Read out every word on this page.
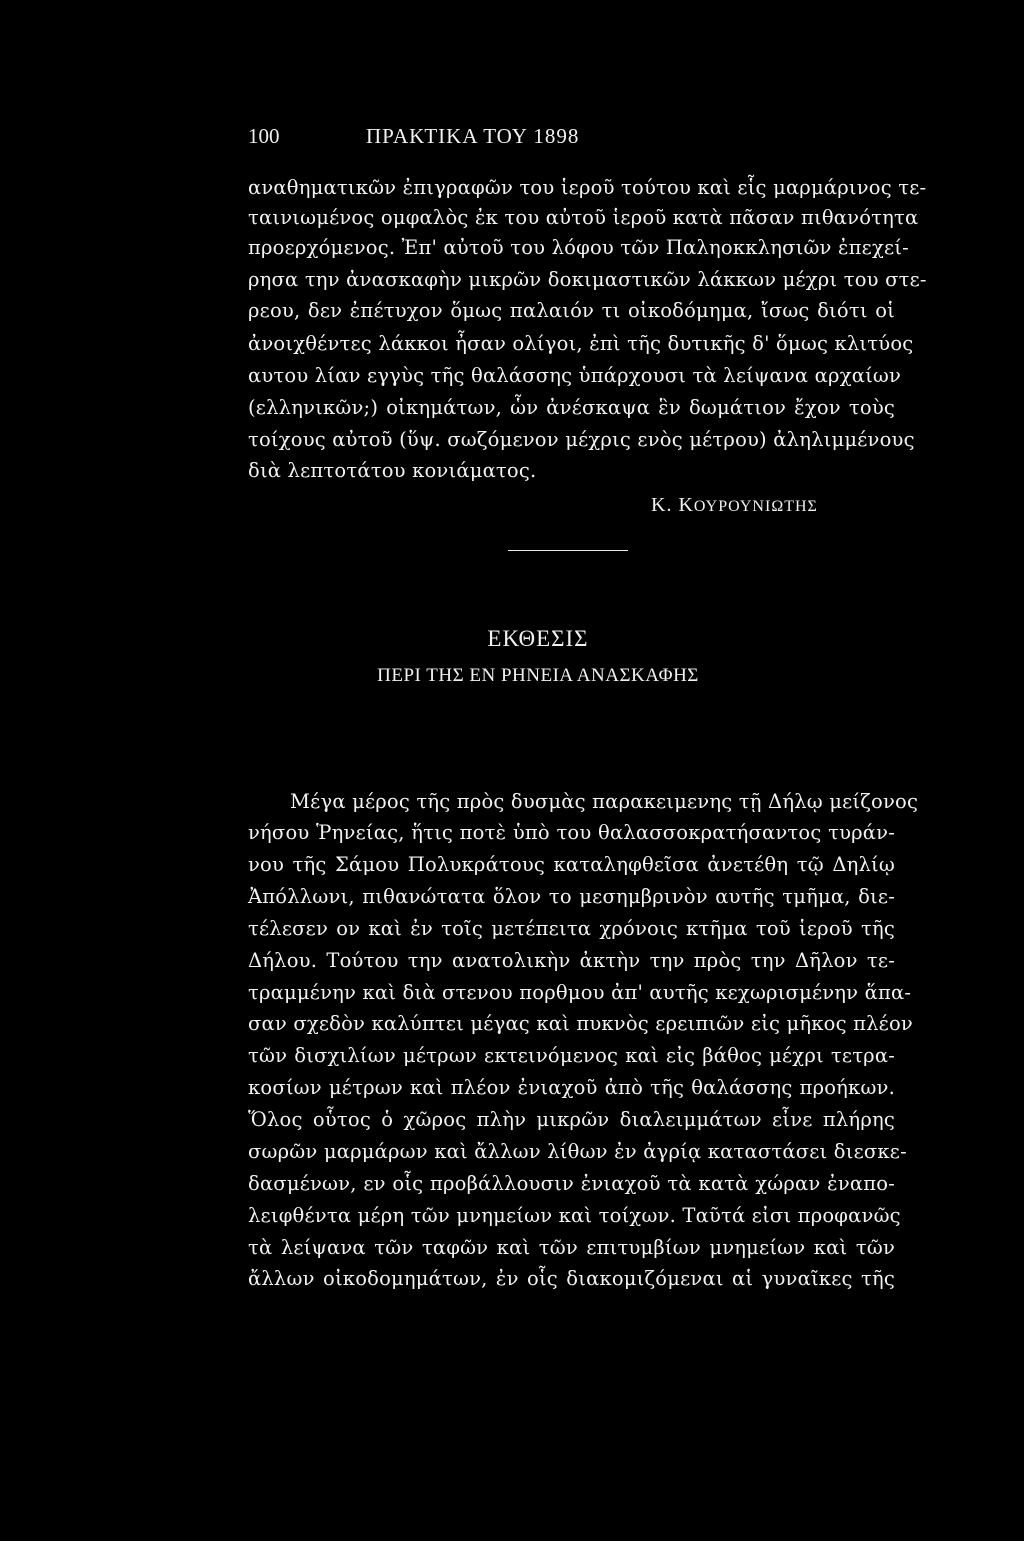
100	ΠΡΑΚΤΙΚΑ ΤΟΥ 1898
αναθηματικῶν ἐπιγραφῶν του ἱεροῦ τούτου καὶ εἷς μαρμάρινος τε-
ταινιωμένος ομφαλὸς ἐκ του αὐτοῦ ἱεροῦ κατὰ πᾶσαν πιθανότητα
προερχόμενος. Ἐπ' αὐτοῦ του λόφου τῶν Παληοκκλησιῶν ἐπεχεί-
ρησα την ἀνασκαφὴν μικρῶν δοκιμαστικῶν λάκκων μέχρι του στε-
ρεου, δεν ἐπέτυχον ὅμως παλαιόν τι οἰκοδόμημα, ἴσως διότι οἱ
ἀνοιχθέντες λάκκοι ἦσαν ολίγοι, ἐπὶ τῆς δυτικῆς δ' ὅμως κλιτύος
αυτου λίαν εγγὺς τῆς θαλάσσης ὑπάρχουσι τὰ λείψανα αρχαίων
(ελληνικῶν;) οἰκημάτων, ὧν ἀνέσκαψα ἓν δωμάτιον ἔχον τοὺς
τοίχους αὐτοῦ (ὕψ. σωζόμενον μέχρις ενὸς μέτρου) ἀληλιμμένους
διὰ λεπτοτάτου κονιάματος.
Κ. ΚΟΥΡΟΥΝΙΩΤΗΣ
ΕΚΘΕΣΙΣ
ΠΕΡΙ ΤΗΣ ΕΝ ΡΗΝΕΙΑ ΑΝΑΣΚΑΦΗΣ
Μέγα μέρος τῆς πρὸς δυσμὰς παρακειμενης τῇ Δήλῳ μείζονος
νήσου Ῥηνείας, ἥτις ποτὲ ὑπὸ του θαλασσοκρατήσαντος τυράν-
νου τῆς Σάμου Πολυκράτους καταληφθεῖσα ἀνετέθη τῷ Δηλίῳ
Ἀπόλλωνι, πιθανώτατα ὅλον το μεσημβρινὸν αυτῆς τμῆμα, διε-
τέλεσεν ον καὶ ἐν τοῖς μετέπειτα χρόνοις κτῆμα τοῦ ἱεροῦ τῆς
Δήλου. Τούτου την ανατολικὴν ἀκτὴν την πρὸς την Δῆλον τε-
τραμμένην καὶ διὰ στενου πορθμου ἀπ' αυτῆς κεχωρισμένην ἅπα-
σαν σχεδὸν καλύπτει μέγας καὶ πυκνὸς ερειπιῶν εἰς μῆκος πλέον
τῶν δισχιλίων μέτρων εκτεινόμενος καὶ εἰς βάθος μέχρι τετρα-
κοσίων μέτρων καὶ πλέον ἐνιαχοῦ ἀπὸ τῆς θαλάσσης προήκων.
Ὅλος οὗτος ὁ χῶρος πλὴν μικρῶν διαλειμμάτων εἶνε πλήρης
σωρῶν μαρμάρων καὶ ἄλλων λίθων ἐν ἀγρίᾳ καταστάσει διεσκε-
δασμένων, εν οἷς προβάλλουσιν ἐνιαχοῦ τὰ κατὰ χώραν ἐναπο-
λειφθέντα μέρη τῶν μνημείων καὶ τοίχων. Ταῦτά εἰσι προφανῶς
τὰ λείψανα τῶν ταφῶν καὶ τῶν επιτυμβίων μνημείων καὶ τῶν
ἄλλων οἰκοδομημάτων, ἐν οἷς διακομιζόμεναι αἱ γυναῖκες τῆς
